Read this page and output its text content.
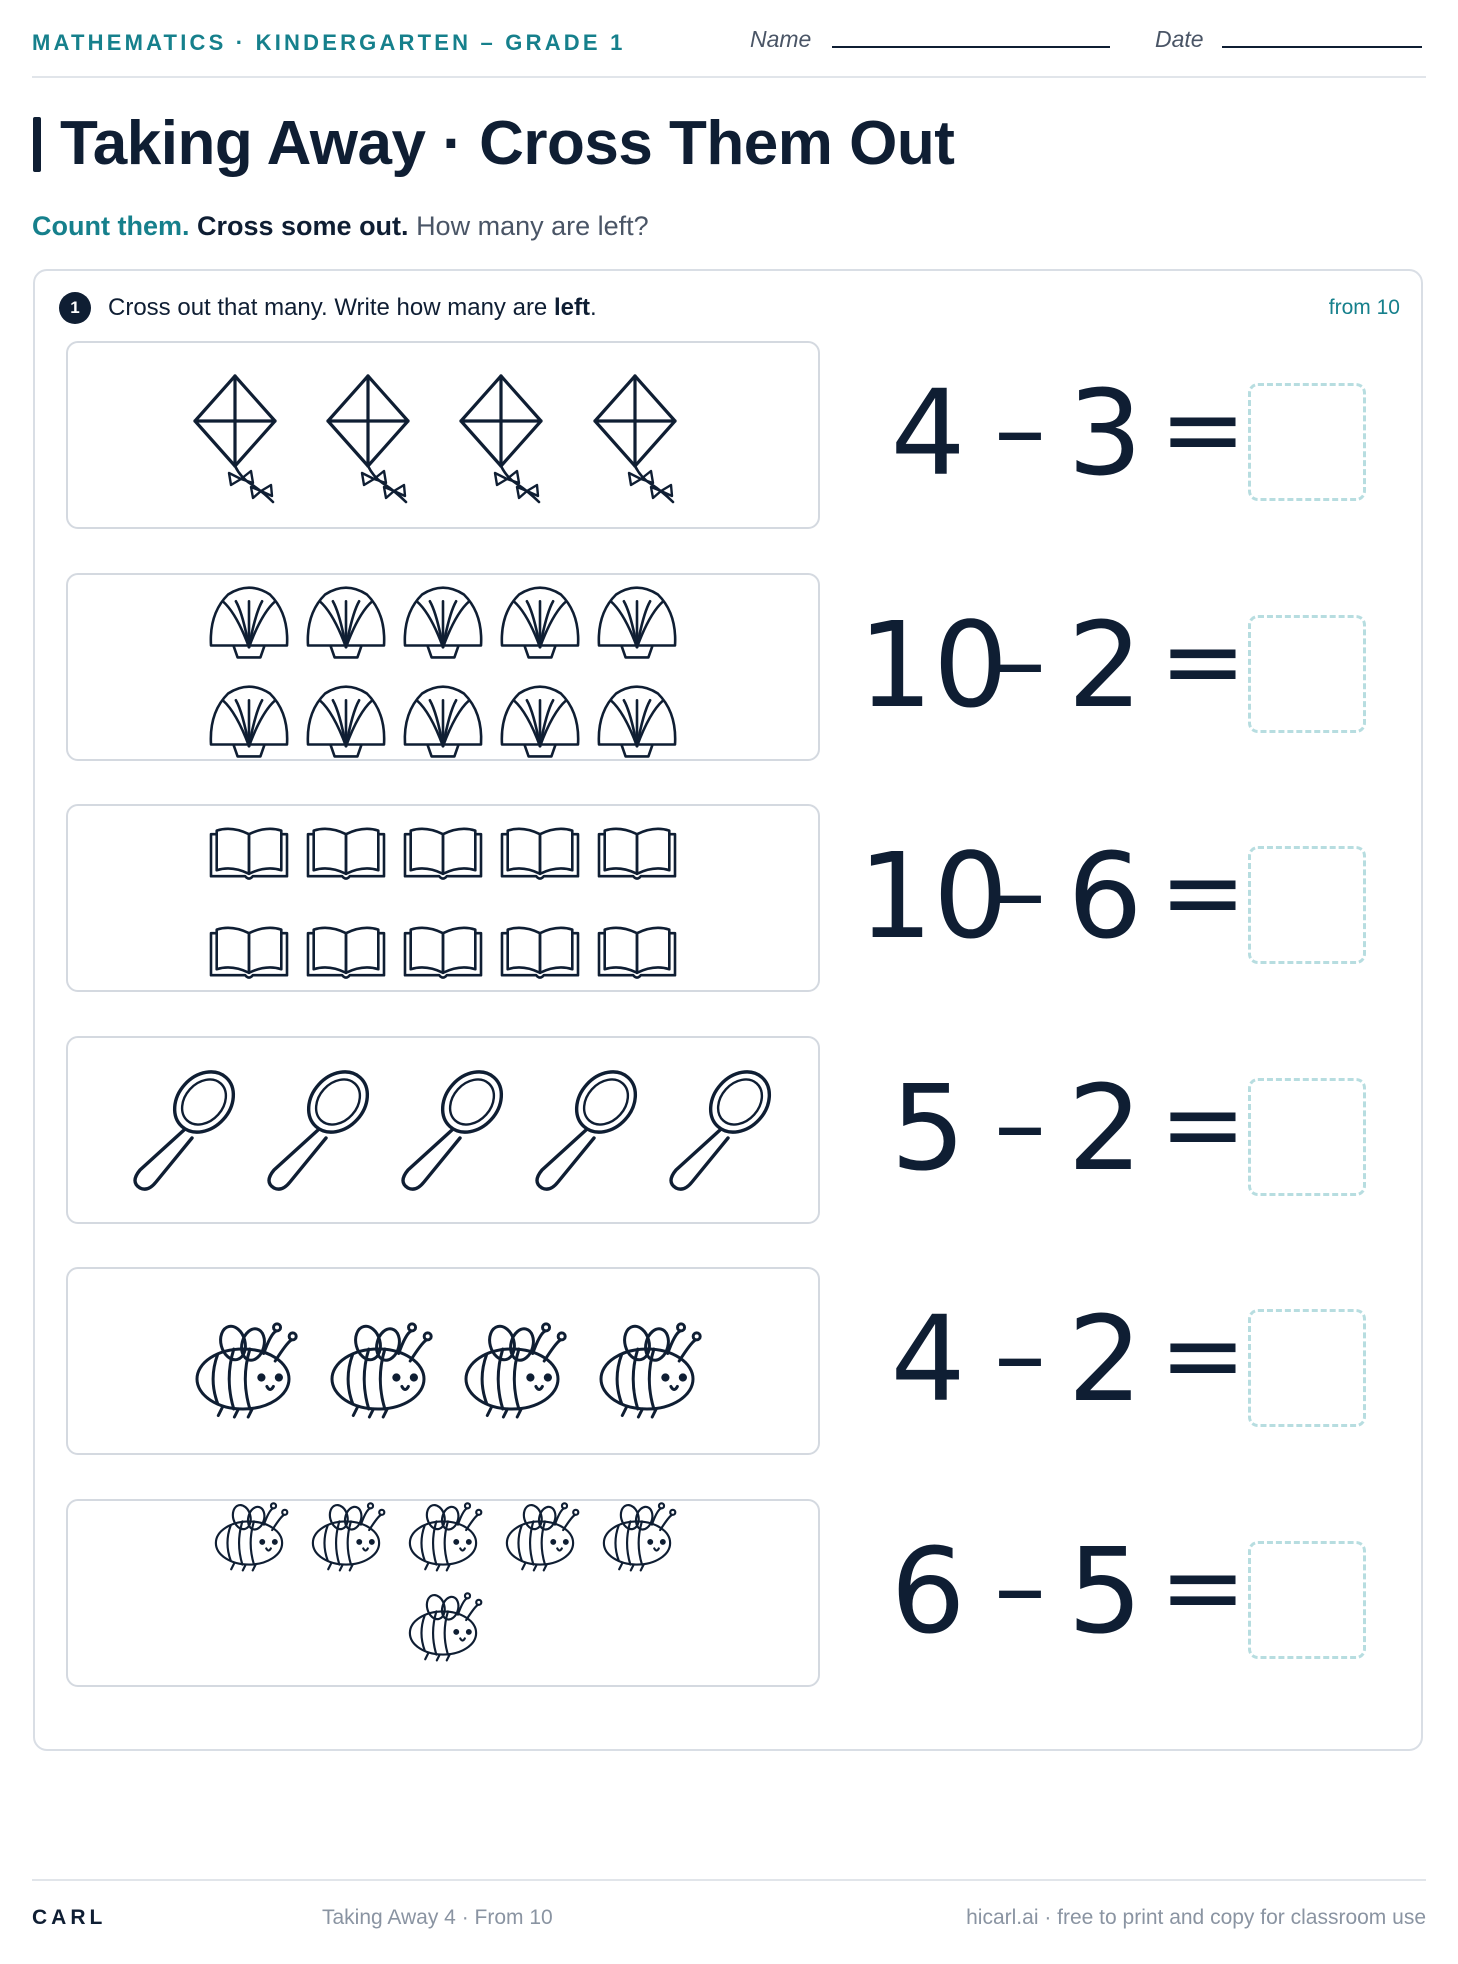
MATHEMATICS · KINDERGARTEN – GRADE 1	Name	Date
Taking Away · Cross Them Out
Count them. Cross some out. How many are left?
1	Cross out that many. Write how many are left.	from 10
4 – 3 =
10
– 2 =
10
– 6 =
5 – 2 =
4 – 2 =
6 – 5 =
CARL	Taking Away 4 · From 10	hicarl.ai · free to print and copy for classroom use
